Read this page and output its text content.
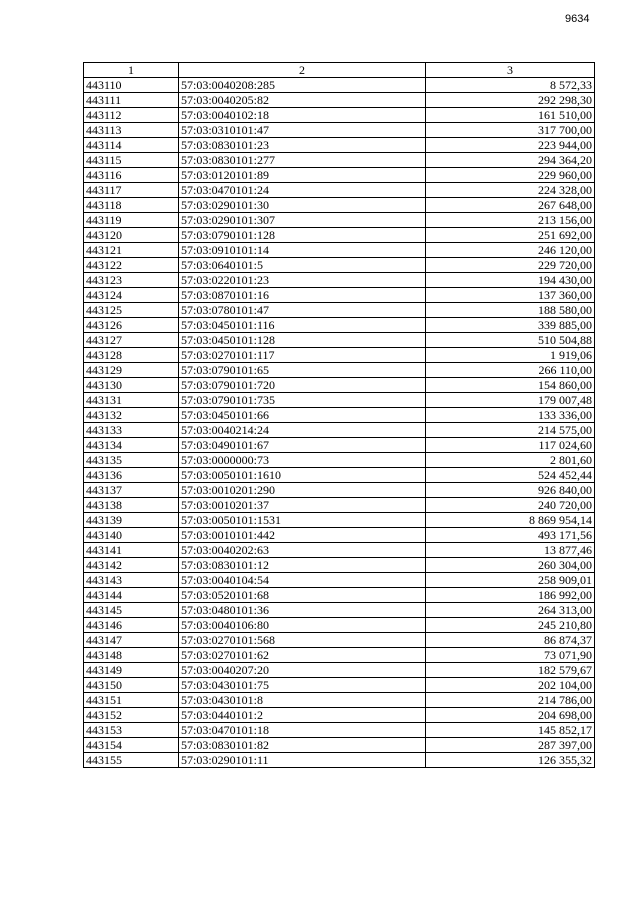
9634
1	2	3
443110	57:03:0040208:285	8 572,33
443111	57:03:0040205:82	292 298,30
443112	57:03:0040102:18	161 510,00
443113	57:03:0310101:47	317 700,00
443114	57:03:0830101:23	223 944,00
443115	57:03:0830101:277	294 364,20
443116	57:03:0120101:89	229 960,00
443117	57:03:0470101:24	224 328,00
443118	57:03:0290101:30	267 648,00
443119	57:03:0290101:307	213 156,00
443120	57:03:0790101:128	251 692,00
443121	57:03:0910101:14	246 120,00
443122	57:03:0640101:5	229 720,00
443123	57:03:0220101:23	194 430,00
443124	57:03:0870101:16	137 360,00
443125	57:03:0780101:47	188 580,00
443126	57:03:0450101:116	339 885,00
443127	57:03:0450101:128	510 504,88
443128	57:03:0270101:117	1 919,06
443129	57:03:0790101:65	266 110,00
443130	57:03:0790101:720	154 860,00
443131	57:03:0790101:735	179 007,48
443132	57:03:0450101:66	133 336,00
443133	57:03:0040214:24	214 575,00
443134	57:03:0490101:67	117 024,60
443135	57:03:0000000:73	2 801,60
443136	57:03:0050101:1610	524 452,44
443137	57:03:0010201:290	926 840,00
443138	57:03:0010201:37	240 720,00
443139	57:03:0050101:1531	8 869 954,14
443140	57:03:0010101:442	493 171,56
443141	57:03:0040202:63	13 877,46
443142	57:03:0830101:12	260 304,00
443143	57:03:0040104:54	258 909,01
443144	57:03:0520101:68	186 992,00
443145	57:03:0480101:36	264 313,00
443146	57:03:0040106:80	245 210,80
443147	57:03:0270101:568	86 874,37
443148	57:03:0270101:62	73 071,90
443149	57:03:0040207:20	182 579,67
443150	57:03:0430101:75	202 104,00
443151	57:03:0430101:8	214 786,00
443152	57:03:0440101:2	204 698,00
443153	57:03:0470101:18	145 852,17
443154	57:03:0830101:82	287 397,00
443155	57:03:0290101:11	126 355,32
